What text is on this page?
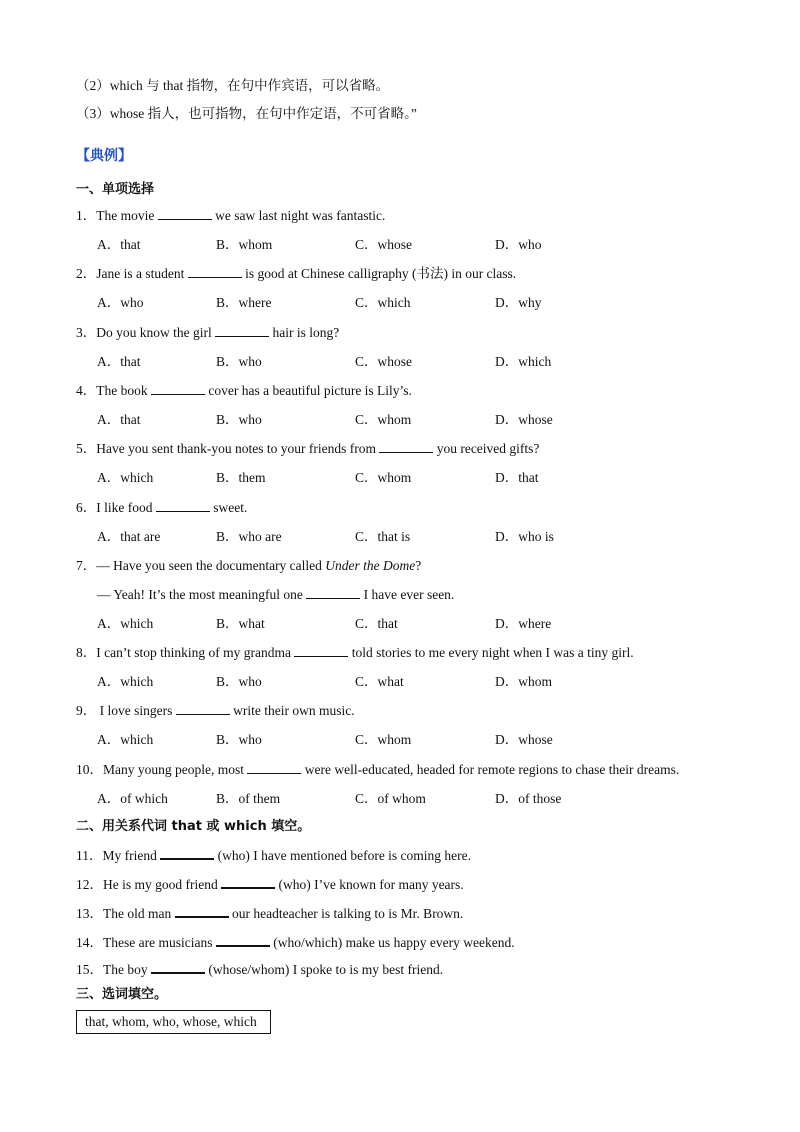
（2）which 与 that 指物，在句中作宾语，可以省略。
（3）whose 指人，也可指物，在句中作定语，不可省略。”
【典例】
一、单项选择
1．The movie	we saw last night was fantastic.
A．that	B．whom	C．whose	D．who
2．Jane is a student	is good at Chinese calligraphy (书法) in our class.
A．who	B．where	C．which	D．why
3．Do you know the girl	hair is long?
A．that	B．who	C．whose	D．which
4．The book	cover has a beautiful picture is Lily’s.
A．that	B．who	C．whom	D．whose
5．Have you sent thank-you notes to your friends from	you received gifts?
A．which	B．them	C．whom	D．that
6．I like food	sweet.
A．that are	B．who are	C．that is	D．who is
7．— Have you seen the documentary called Under the Dome?
— Yeah! It’s the most meaningful one	I have ever seen.
A．which	B．what	C．that	D．where
8．I can’t stop thinking of my grandma	told stories to me every night when I was a tiny girl.
A．which	B．who	C．what	D．whom
9． I love singers	write their own music.
A．which	B．who	C．whom	D．whose
10．Many young people, most	were well-educated, headed for remote regions to chase their dreams.
A．of which	B．of them	C．of whom	D．of those
二、用关系代词 that 或 which 填空。
11．My friend	(who) I have mentioned before is coming here.
12．He is my good friend	(who) I’ve known for many years.
13．The old man	our headteacher is talking to is Mr. Brown.
14．These are musicians	(who/which) make us happy every weekend.
15．The boy	(whose/whom) I spoke to is my best friend.
三、选词填空。
that, whom, who, whose, which
